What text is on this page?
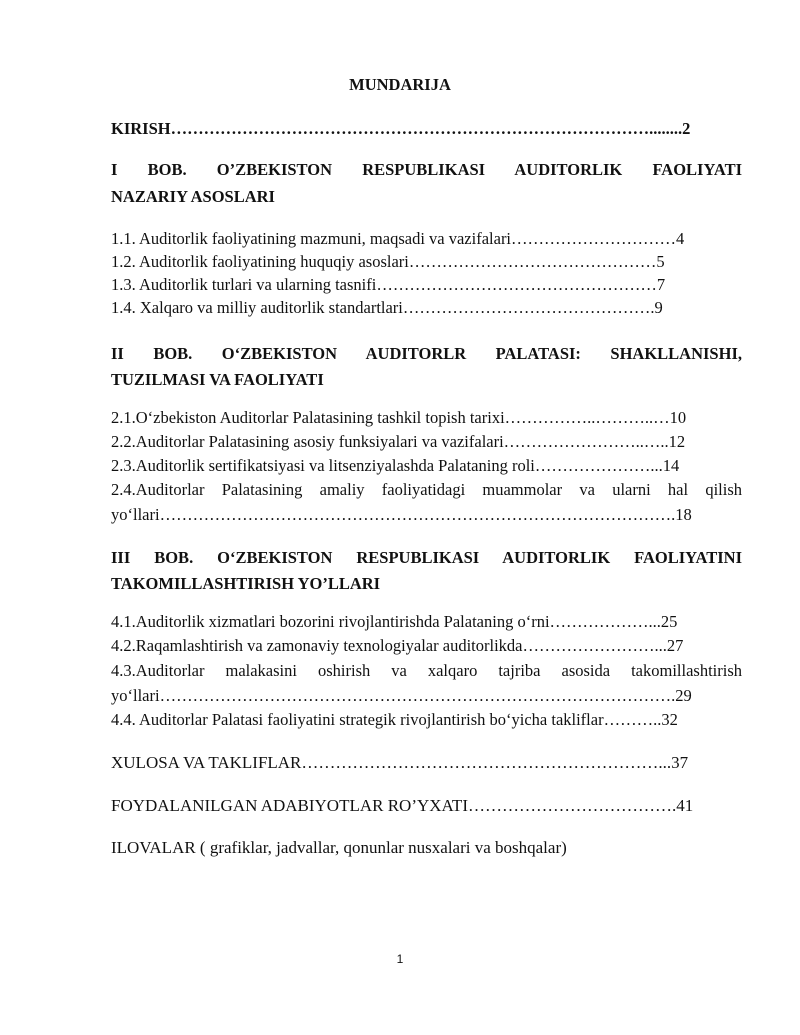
MUNDARIJA
KIRISH……………………………………………………………………………........2
I BOB. O’ZBEKISTON RESPUBLIKASI AUDITORLIK FAOLIYATI
NAZARIY ASOSLARI
1.1. Auditorlik faoliyatining mazmuni, maqsadi va vazifalari…………………………4
1.2. Auditorlik faoliyatining huquqiy asoslari………………………………………5
1.3. Auditorlik turlari va ularning tasnifi……………………………………………7
1.4. Xalqaro va milliy auditorlik standartlari……………………………………….9
II BOB. O‘ZBEKISTON AUDITORLR PALATASI: SHAKLLANISHI,
TUZILMASI VA FAOLIYATI
2.1.O‘zbekiston Auditorlar Palatasining tashkil topish tarixi……………..………..…10
2.2.Auditorlar Palatasining asosiy funksiyalari va vazifalari……………………..…..12
2.3.Auditorlik sertifikatsiyasi va litsenziyalashda Palataning roli…………………...14
2.4.Auditorlar Palatasining amaliy faoliyatidagi muammolar va ularni hal qilish
yo‘llari………………………………………………………………………………….18
III BOB. O‘ZBEKISTON RESPUBLIKASI AUDITORLIK FAOLIYATINI
TAKOMILLASHTIRISH YO’LLARI
4.1.Auditorlik xizmatlari bozorini rivojlantirishda Palataning o‘rni………………...25
4.2.Raqamlashtirish va zamonaviy texnologiyalar auditorlikda……………………...27
4.3.Auditorlar malakasini oshirish va xalqaro tajriba asosida takomillashtirish
yo‘llari………………………………………………………………………………….29
4.4. Auditorlar Palatasi faoliyatini strategik rivojlantirish bo‘yicha takliflar………..32
XULOSA VA TAKLIFLAR………………………………………………………...37
FOYDALANILGAN ADABIYOTLAR RO’YXATI……………………………….41
ILOVALAR ( grafiklar, jadvallar, qonunlar nusxalari va boshqalar)
1
